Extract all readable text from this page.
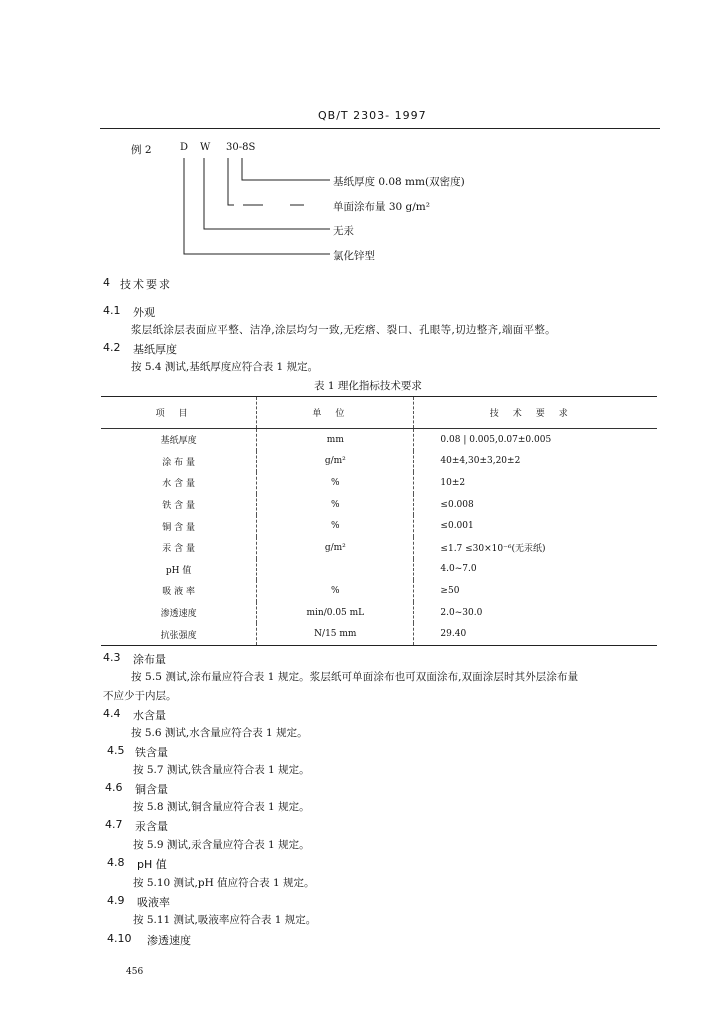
QB/T 2303- 1997
例 2	D W 30-8S
基纸厚度 0.08 mm(双密度)
单面涂布量 30 g/m²
无汞
氯化锌型
4 技术要求
4.1 外观
浆层纸涂层表面应平整、洁净,涂层均匀一致,无疙瘩、裂口、孔眼等,切边整齐,端面平整。
4.2 基纸厚度
按 5.4 测试,基纸厚度应符合表 1 规定。
表 1 理化指标技术要求
项目	单位	技术要求
基纸厚度	mm	0.08 | 0.005,0.07±0.005
涂 布 量	g/m²	40±4,30±3,20±2
水 含 量	%	10±2
铁 含 量	%	≤0.008
铜 含 量	%	≤0.001
汞 含 量	g/m²	≤1.7 ≤30×10⁻⁶(无汞纸)
pH 值		4.0~7.0
吸 液 率	%	≥50
渗透速度	min/0.05 mL	2.0~30.0
抗张强度	N/15 mm	29.40
4.3 涂布量
按 5.5 测试,涂布量应符合表 1 规定。浆层纸可单面涂布也可双面涂布,双面涂层时其外层涂布量
不应少于内层。
4.4 水含量
按 5.6 测试,水含量应符合表 1 规定。
4.5 铁含量
按 5.7 测试,铁含量应符合表 1 规定。
4.6 铜含量
按 5.8 测试,铜含量应符合表 1 规定。
4.7 汞含量
按 5.9 测试,汞含量应符合表 1 规定。
4.8 pH 值
按 5.10 测试,pH 值应符合表 1 规定。
4.9 吸液率
按 5.11 测试,吸液率应符合表 1 规定。
4.10 渗透速度
456
